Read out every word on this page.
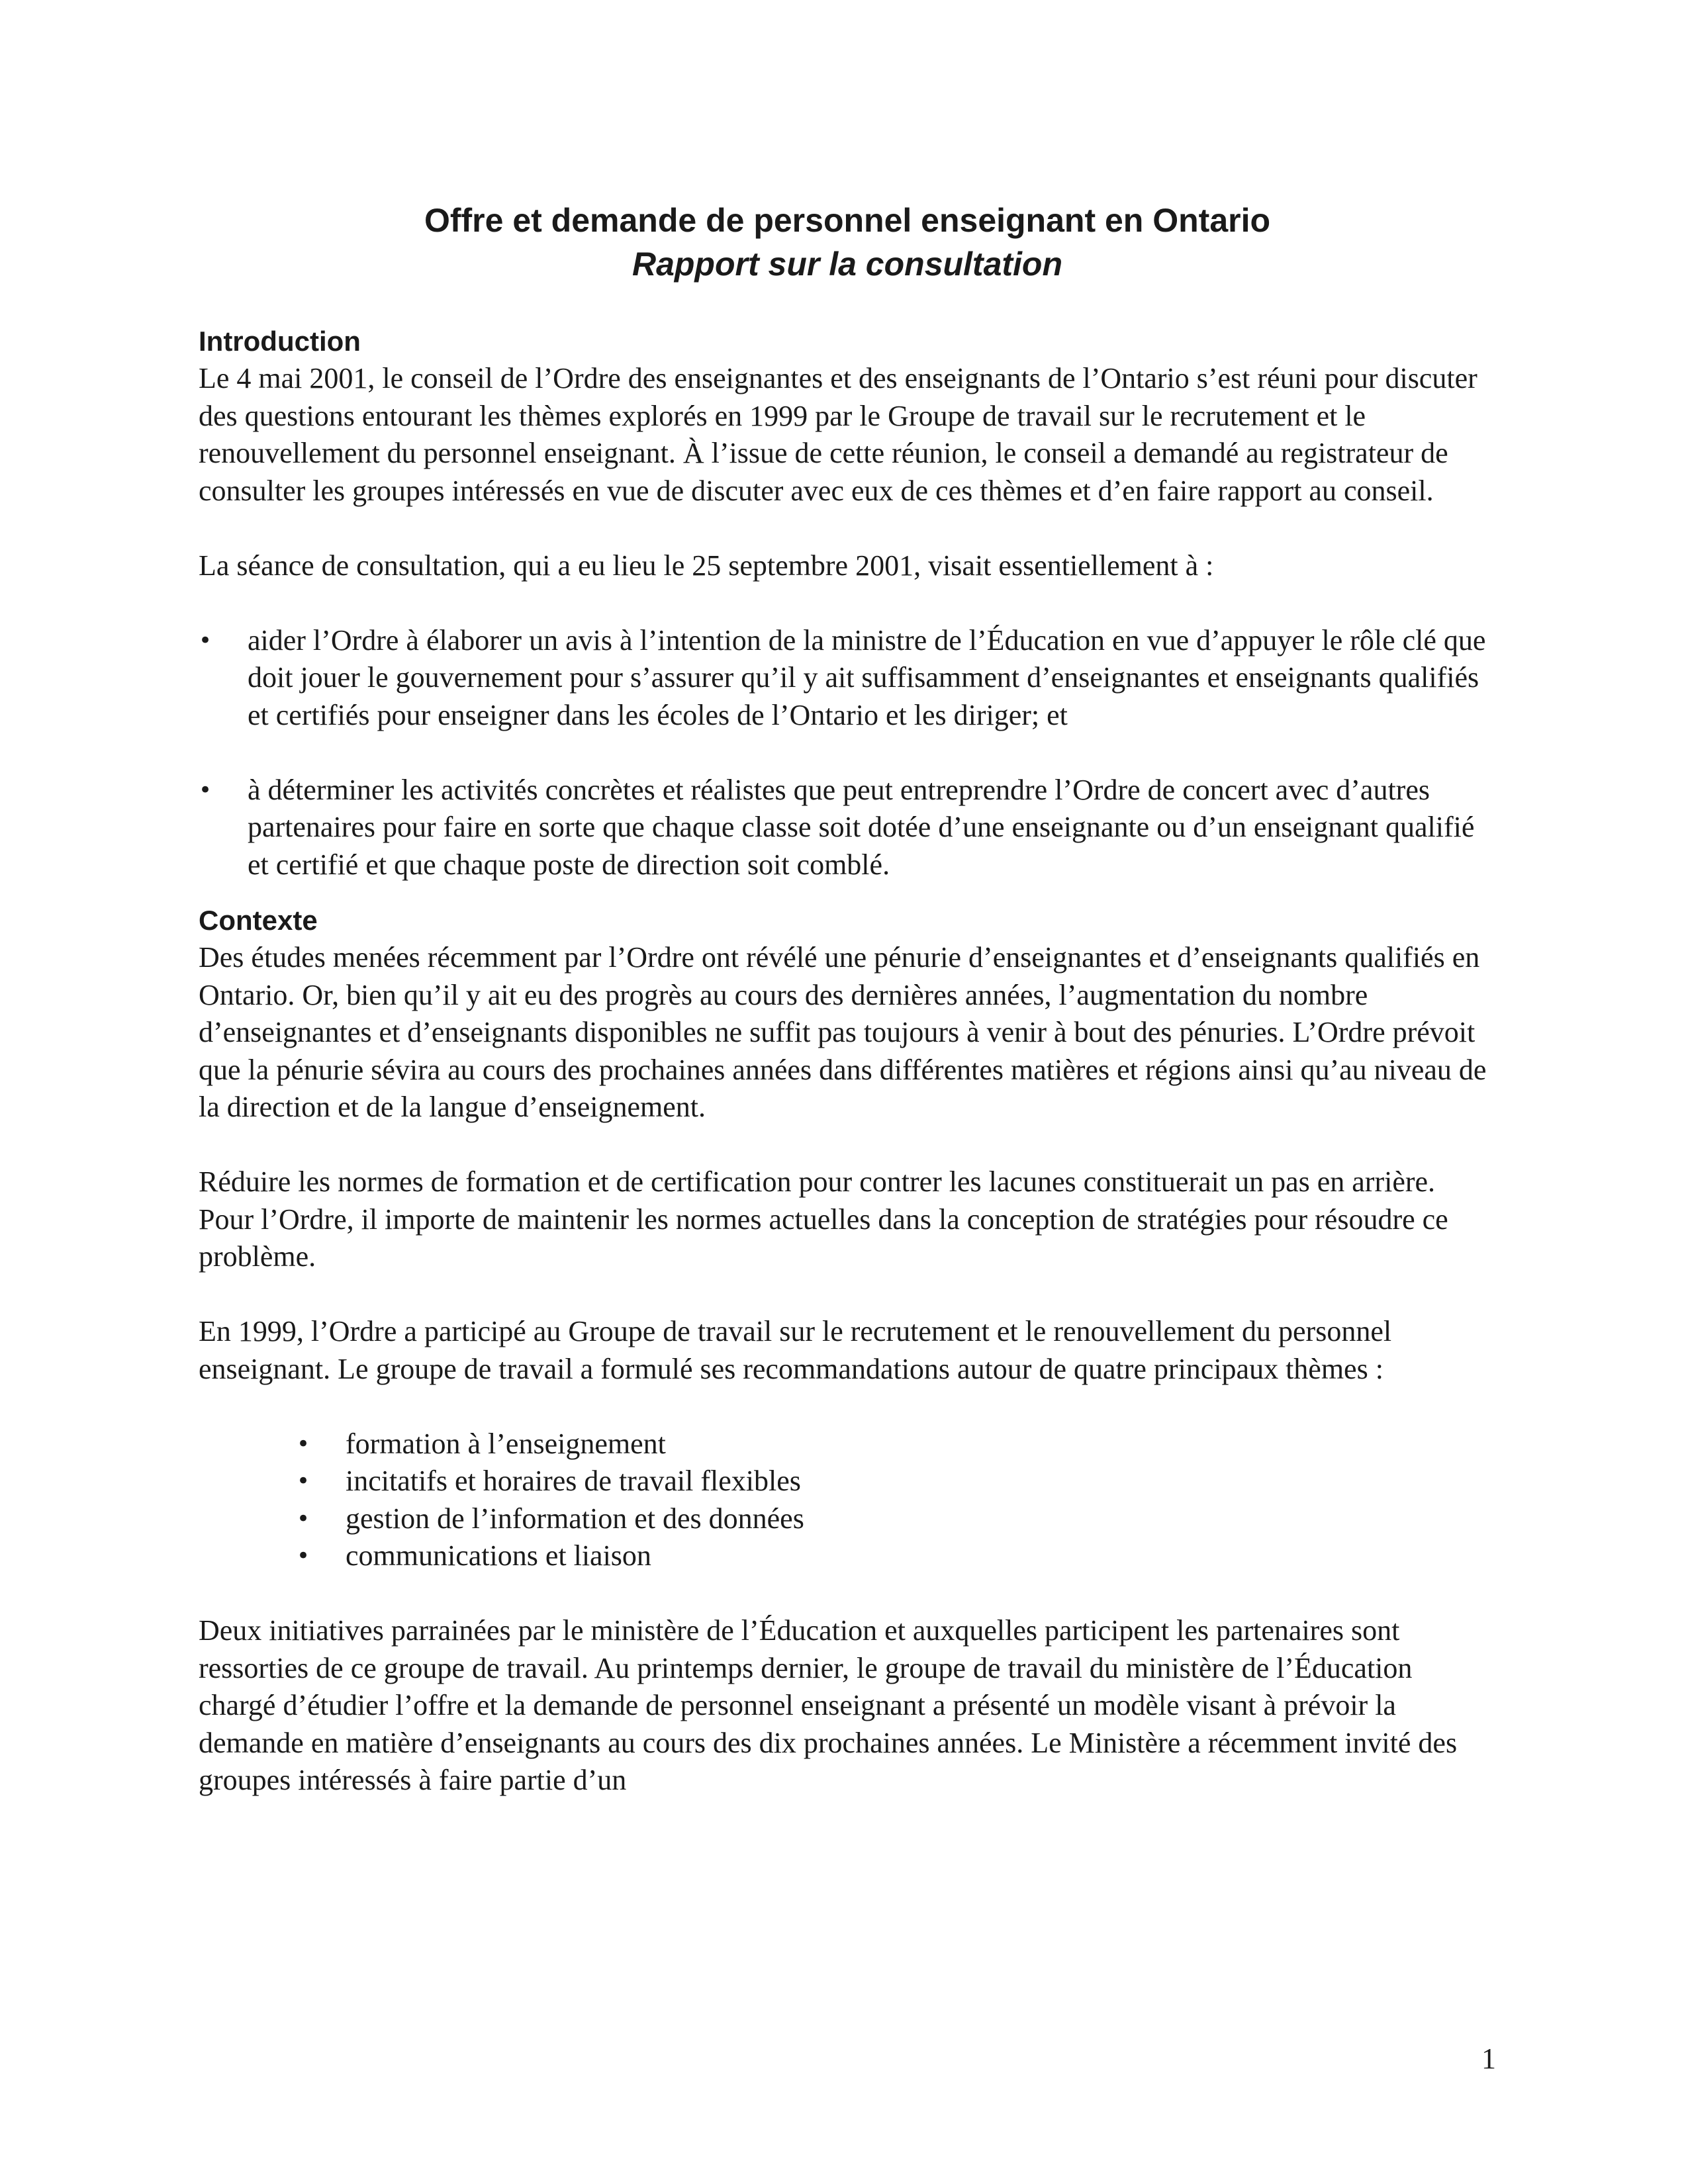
Offre et demande de personnel enseignant en Ontario
Rapport sur la consultation
Introduction

Le 4 mai 2001, le conseil de l’Ordre des enseignantes et des enseignants de l’Ontario s’est réuni pour discuter des questions entourant les thèmes explorés en 1999 par le Groupe de travail sur le recrutement et le renouvellement du personnel enseignant. À l’issue de cette réunion, le conseil a demandé au registrateur de consulter les groupes intéressés en vue de discuter avec eux de ces thèmes et d’en faire rapport au conseil.

La séance de consultation, qui a eu lieu le 25 septembre 2001, visait essentiellement à :

• aider l’Ordre à élaborer un avis à l’intention de la ministre de l’Éducation en vue d’appuyer le rôle clé que doit jouer le gouvernement pour s’assurer qu’il y ait suffisamment d’enseignantes et enseignants qualifiés et certifiés pour enseigner dans les écoles de l’Ontario et les diriger; et
• à déterminer les activités concrètes et réalistes que peut entreprendre l’Ordre de concert avec d’autres partenaires pour faire en sorte que chaque classe soit dotée d’une enseignante ou d’un enseignant qualifié et certifié et que chaque poste de direction soit comblé.
Contexte

Des études menées récemment par l’Ordre ont révélé une pénurie d’enseignantes et d’enseignants qualifiés en Ontario. Or, bien qu’il y ait eu des progrès au cours des dernières années, l’augmentation du nombre d’enseignantes et d’enseignants disponibles ne suffit pas toujours à venir à bout des pénuries. L’Ordre prévoit que la pénurie sévira au cours des prochaines années dans différentes matières et régions ainsi qu’au niveau de la direction et de la langue d’enseignement.

Réduire les normes de formation et de certification pour contrer les lacunes constituerait un pas en arrière. Pour l’Ordre, il importe de maintenir les normes actuelles dans la conception de stratégies pour résoudre ce problème.

En 1999, l’Ordre a participé au Groupe de travail sur le recrutement et le renouvellement du personnel enseignant. Le groupe de travail a formulé ses recommandations autour de quatre principaux thèmes :

• formation à l’enseignement
• incitatifs et horaires de travail flexibles
• gestion de l’information et des données
• communications et liaison

Deux initiatives parrainées par le ministère de l’Éducation et auxquelles participent les partenaires sont ressorties de ce groupe de travail. Au printemps dernier, le groupe de travail du ministère de l’Éducation chargé d’étudier l’offre et la demande de personnel enseignant a présenté un modèle visant à prévoir la demande en matière d’enseignants au cours des dix prochaines années. Le Ministère a récemment invité des groupes intéressés à faire partie d’un

1
